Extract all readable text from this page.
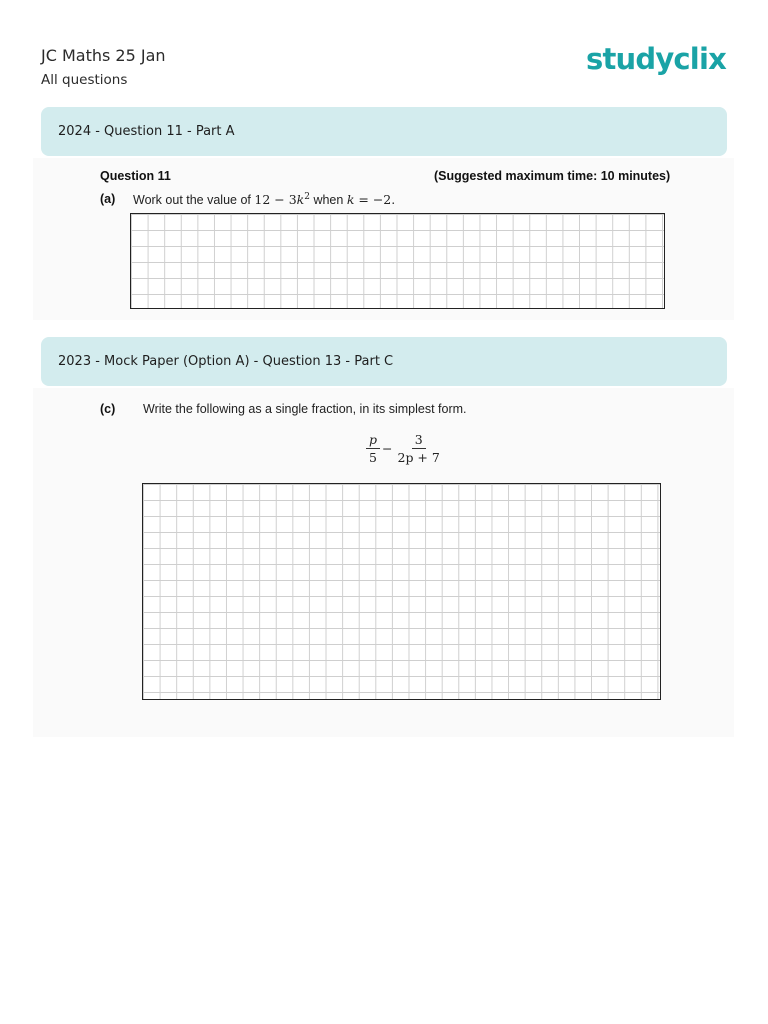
JC Maths 25 Jan
All questions
studyclix
2024 - Question 11 - Part A
Question 11	(Suggested maximum time: 10 minutes)
(a) Work out the value of $12 - 3k^2$ when k = −2.
2023 - Mock Paper (Option A) - Question 13 - Part C
(c) Write the following as a single fraction, in its simplest form.
$\frac{p}{5} - \frac{3}{2p + 7}$
